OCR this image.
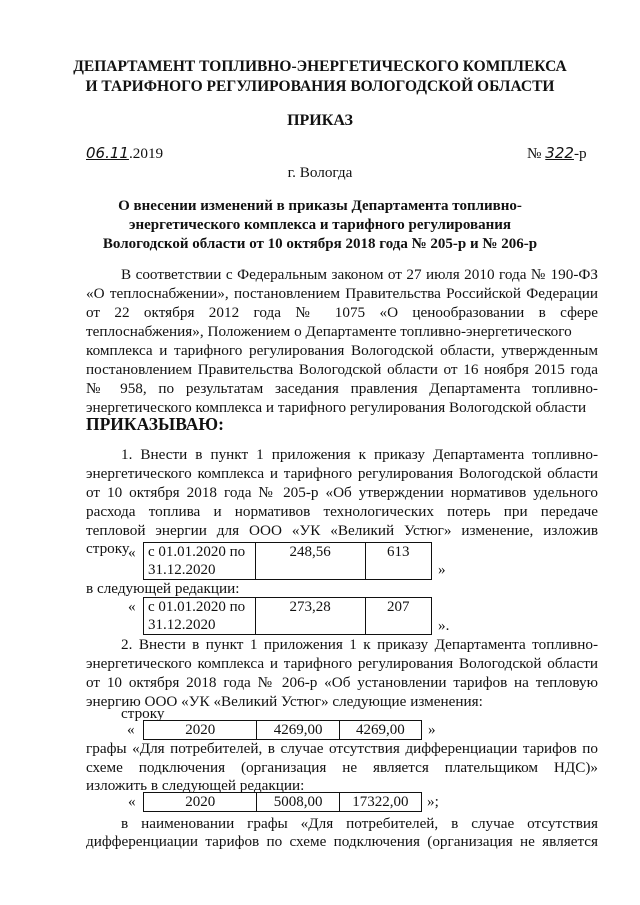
ДЕПАРТАМЕНТ ТОПЛИВНО-ЭНЕРГЕТИЧЕСКОГО КОМПЛЕКСА
И ТАРИФНОГО РЕГУЛИРОВАНИЯ ВОЛОГОДСКОЙ ОБЛАСТИ
ПРИКАЗ
06.11.2019	№ 322-р
г. Вологда
О внесении изменений в приказы Департамента топливно-
энергетического комплекса и тарифного регулирования
Вологодской области от 10 октября 2018 года № 205-р и № 206-р
В соответствии с Федеральным законом от 27 июля 2010 года № 190-ФЗ
«О теплоснабжении», постановлением Правительства Российской Федерации
от 22 октября 2012 года № 1075 «О ценообразовании в сфере
теплоснабжения», Положением о Департаменте топливно-энергетического
комплекса и тарифного регулирования Вологодской области, утвержденным
постановлением Правительства Вологодской области от 16 ноября 2015 года
№ 958, по результатам заседания правления Департамента топливно-
энергетического комплекса и тарифного регулирования Вологодской области
ПРИКАЗЫВАЮ:
1. Внести в пункт 1 приложения к приказу Департамента топливно-
энергетического комплекса и тарифного регулирования Вологодской области
от 10 октября 2018 года № 205-р «Об утверждении нормативов удельного
расхода топлива и нормативов технологических потерь при передаче
тепловой энергии для ООО «УК «Великий Устюг» изменение, изложив
строку
« с 01.01.2020 по
31.12.2020
	248,56	613
»
в следующей редакции:
« с 01.01.2020 по
31.12.2020
	273,28	207
».
2. Внести в пункт 1 приложения 1 к приказу Департамента топливно-
энергетического комплекса и тарифного регулирования Вологодской области
от 10 октября 2018 года № 206-р «Об установлении тарифов на тепловую
энергию ООО «УК «Великий Устюг» следующие изменения:
строку
«	2020	4269,00	4269,00 »
графы «Для потребителей, в случае отсутствия дифференциации тарифов по
схеме подключения (организация не является плательщиком НДС)»
изложить в следующей редакции:
«	2020	5008,00	17322,00 »;
в наименовании графы «Для потребителей, в случае отсутствия
дифференциации тарифов по схеме подключения (организация не является
